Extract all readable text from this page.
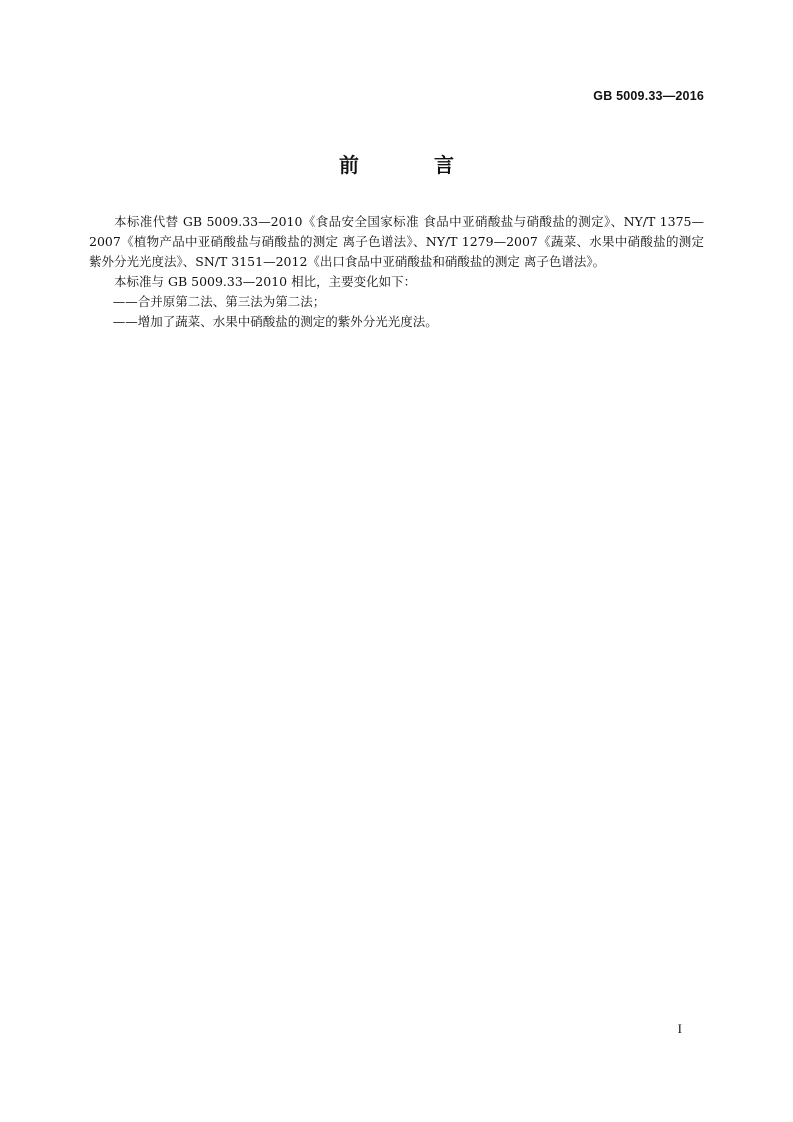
GB 5009.33—2016
前 言

本标准代替 GB 5009.33—2010《食品安全国家标准 食品中亚硝酸盐与硝酸盐的测定》、NY/T 1375—2007《植物产品中亚硝酸盐与硝酸盐的测定 离子色谱法》、NY/T 1279—2007《蔬菜、水果中硝酸盐的测定 紫外分光光度法》、SN/T 3151—2012《出口食品中亚硝酸盐和硝酸盐的测定 离子色谱法》。

本标准与 GB 5009.33—2010 相比，主要变化如下：

——合并原第二法、第三法为第二法；

——增加了蔬菜、水果中硝酸盐的测定的紫外分光光度法。

I
